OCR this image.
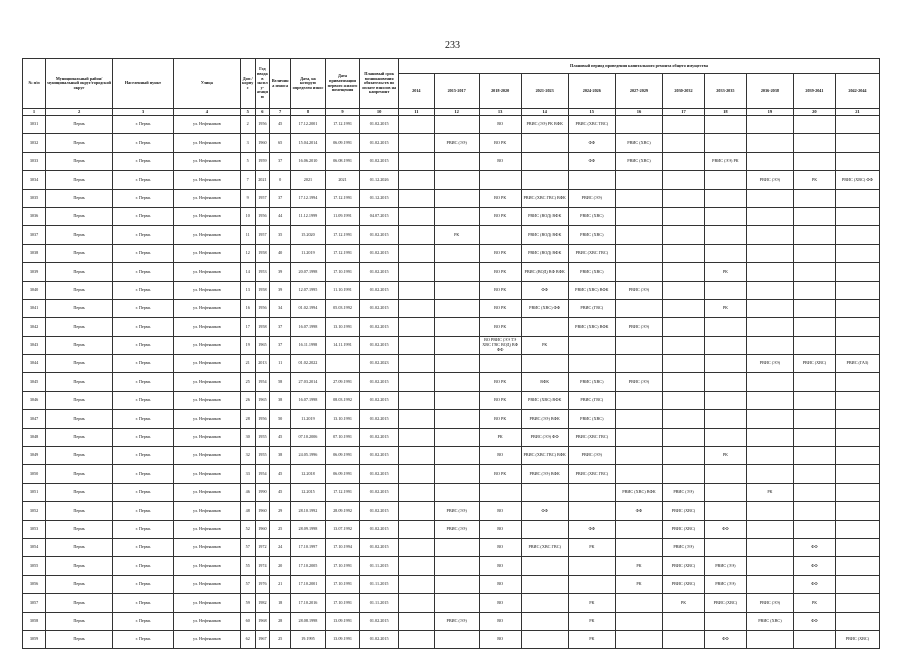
233
№ п/п	Муниципальный район/ муниципальный округ/городской округ	Населенный пункт	Улица	Дом / корпус	Год ввода в эксплу-атацию	Величина износа	Дата, на которую определен износ	Дата приватизации первого жилого помещения	Плановый срок возникновения обязательств по оплате взносов на капремонт	Плановый период проведения капитального ремонта общего имущества										
										2014	2015-2017	2018-2020	2021-2023	2024-2026	2027-2029	2030-2032	2033-2035	2036-2038	2039-2041	2042-2044
1	2	3	4	5	6	7	8	9	10	11	12	13	14	15	16	17	18	19	20	21
3031	Пермь	г. Пермь	ул. Нефтяников	2	1956	45	17.12.2001	17.12.1991	01.02.2015			ВО	РВИС (ЭЭ) РК ВФК	РВИС (ХВС ТВС)						
3032	Пермь	г. Пермь	ул. Нефтяников	3	1960	65	15.04.2014	06.09.1991	01.02.2015		РВИС (ЭЭ)	ВО РК		ФФ	РВИС (ХВС)					
3033	Пермь	г. Пермь	ул. Нефтяников	5	1959	37	16.06.2010	06.08.1991	01.02.2015			ВО		ФФ	РВИС (ХВС)		РВИС (ЭЭ) РК			
3034	Пермь	г. Пермь	ул. Нефтяников	7	2021	0	2021	2021	01.12.2026									РВИС (ЭЭ)	РК	РВИС (ХВС) ФФ
3035	Пермь	г. Пермь	ул. Нефтяников	9	1957	37	17.12.1994	17.12.1991	01.12.2015			ВО РК	РВИС (ХВС ГВС) ВФК	РВИС (ЭЭ)						
3036	Пермь	г. Пермь	ул. Нефтяников	10	1956	44	11.12.1999	11.09.1991	04.07.2015			ВО РК	РВИС (ВОД) ВФК	РВИС (ХВС)						
3037	Пермь	г. Пермь	ул. Нефтяников	11	1957	35	15.2020	17.12.1991	01.02.2015		РК		РВИС (ВОД) ВФК	РВИС (ХВС)						
3038	Пермь	г. Пермь	ул. Нефтяников	12	1958	40	11.2019	17.12.1991	01.02.2015			ВО РК	РВИС (ВОД) ВФК	РВИС (ХВС ГВС)						
3039	Пермь	г. Пермь	ул. Нефтяников	14	1953	39	20.07.1998	17.10.1991	01.02.2015			ВО РК	РВИС (ВОД) ВФ ВФК	РВИС (ХВС)			РК			
3040	Пермь	г. Пермь	ул. Нефтяников	13	1958	39	12.07.1995	11.10.1991	01.02.2015			ВО РК	ФФ	РВИС (ХВС) ВФК	РВИС (ЭЭ)					
3041	Пермь	г. Пермь	ул. Нефтяников	16	1956	34	01.02.1994	05.03.1992	01.02.2015			ВО РК	РВИС (ХВС) ФФ	РВИС (ГВС)			РК			
3042	Пермь	г. Пермь	ул. Нефтяников	17	1958	37	16.07.1998	13.10.1991	01.02.2015			ВО РК		РВИС (ХВС) ВФК	РВИС (ЭЭ)					
3043	Пермь	г. Пермь	ул. Нефтяников	19	1965	37	16.11.1998	14.11.1991	01.02.2015			ВО РВИС (ЭЭ ТЭ ХВС ГВС ВОД) ВФ ФФ	РК							
3044	Пермь	г. Пермь	ул. Нефтяников	21	2013	11	01.02.2022		01.02.2023									РВИС (ЭЭ)	РВИС (ХВС)	РВИС (ГАЗ)
3045	Пермь	г. Пермь	ул. Нефтяников	25	1954	58	27.03.2014	27.09.1991	01.02.2015			ВО РК	ВФК	РВИС (ХВС)	РВИС (ЭЭ)					
3046	Пермь	г. Пермь	ул. Нефтяников	26	1965	38	16.07.1998	08.03.1992	01.02.2015			ВО РК	РВИС (ХВС) ВФК	РВИС (ГВС)						
3047	Пермь	г. Пермь	ул. Нефтяников	28	1956	50	11.2019	13.10.1991	01.02.2015			ВО РК	РВИС (ЭЭ) ВФК	РВИС (ХВС)						
3048	Пермь	г. Пермь	ул. Нефтяников	30	1955	45	07.10.2006	07.10.1991	01.02.2015			РК	РВИС (ЭЭ) ФФ	РВИС (ХВС ГВС)						
3049	Пермь	г. Пермь	ул. Нефтяников	32	1955	38	24.05.1996	06.09.1991	01.02.2015			ВО	РВИС (ХВС ГВС) ВФК	РВИС (ЭЭ)			РК			
3050	Пермь	г. Пермь	ул. Нефтяников	33	1954	45	12.2018	06.09.1991	01.02.2015			ВО РК	РВИС (ЭЭ) ВФК	РВИС (ХВС ГВС)						
3051	Пермь	г. Пермь	ул. Нефтяников	46	1990	45	12.2015	17.12.1991	01.02.2015						РВИС (ХВС) ВФК	РВИС (ЭЭ)		РК		
3052	Пермь	г. Пермь	ул. Нефтяников	48	1960	29	28.10.1992	28.09.1992	01.02.2015		РВИС (ЭЭ)	ВО	ФФ		ФФ	РВИС (ХВС)				
3053	Пермь	г. Пермь	ул. Нефтяников	52	1960	25	28.09.1998	13.07.1992	01.02.2015		РВИС (ЭЭ)	ВО		ФФ		РВИС (ХВС)	ФФ			
3054	Пермь	г. Пермь	ул. Нефтяников	57	1972	24	17.10.1997	17.10.1994	01.02.2015			ВО	РВИС (ХВС ГВС)	РК		РВИС (ЭЭ)			ФФ	
3055	Пермь	г. Пермь	ул. Нефтяников	55	1974	20	17.10.2005	17.10.1991	01.11.2015			ВО			РК	РВИС (ХВС)	РВИС (ЭЭ)		ФФ	
3056	Пермь	г. Пермь	ул. Нефтяников	57	1976	21	17.10.2001	17.10.1991	01.11.2015			ВО			РК	РВИС (ХВС)	РВИС (ЭЭ)		ФФ	
3057	Пермь	г. Пермь	ул. Нефтяников	59	1982	18	17.10.2016	17.10.1991	01.11.2015			ВО		РК		РК	РВИС (ХВС)	РВИС (ЭЭ)	РК	
3058	Пермь	г. Пермь	ул. Нефтяников	60	1968	28	28.08.1998	13.09.1991	01.02.2015		РВИС (ЭЭ)	ВО		РК				РВИС (ХВС)	ФФ	
3059	Пермь	г. Пермь	ул. Нефтяников	62	1967	25	19.1995	13.09.1991	01.02.2015			ВО		РК			ФФ			РВИС (ХВС)
